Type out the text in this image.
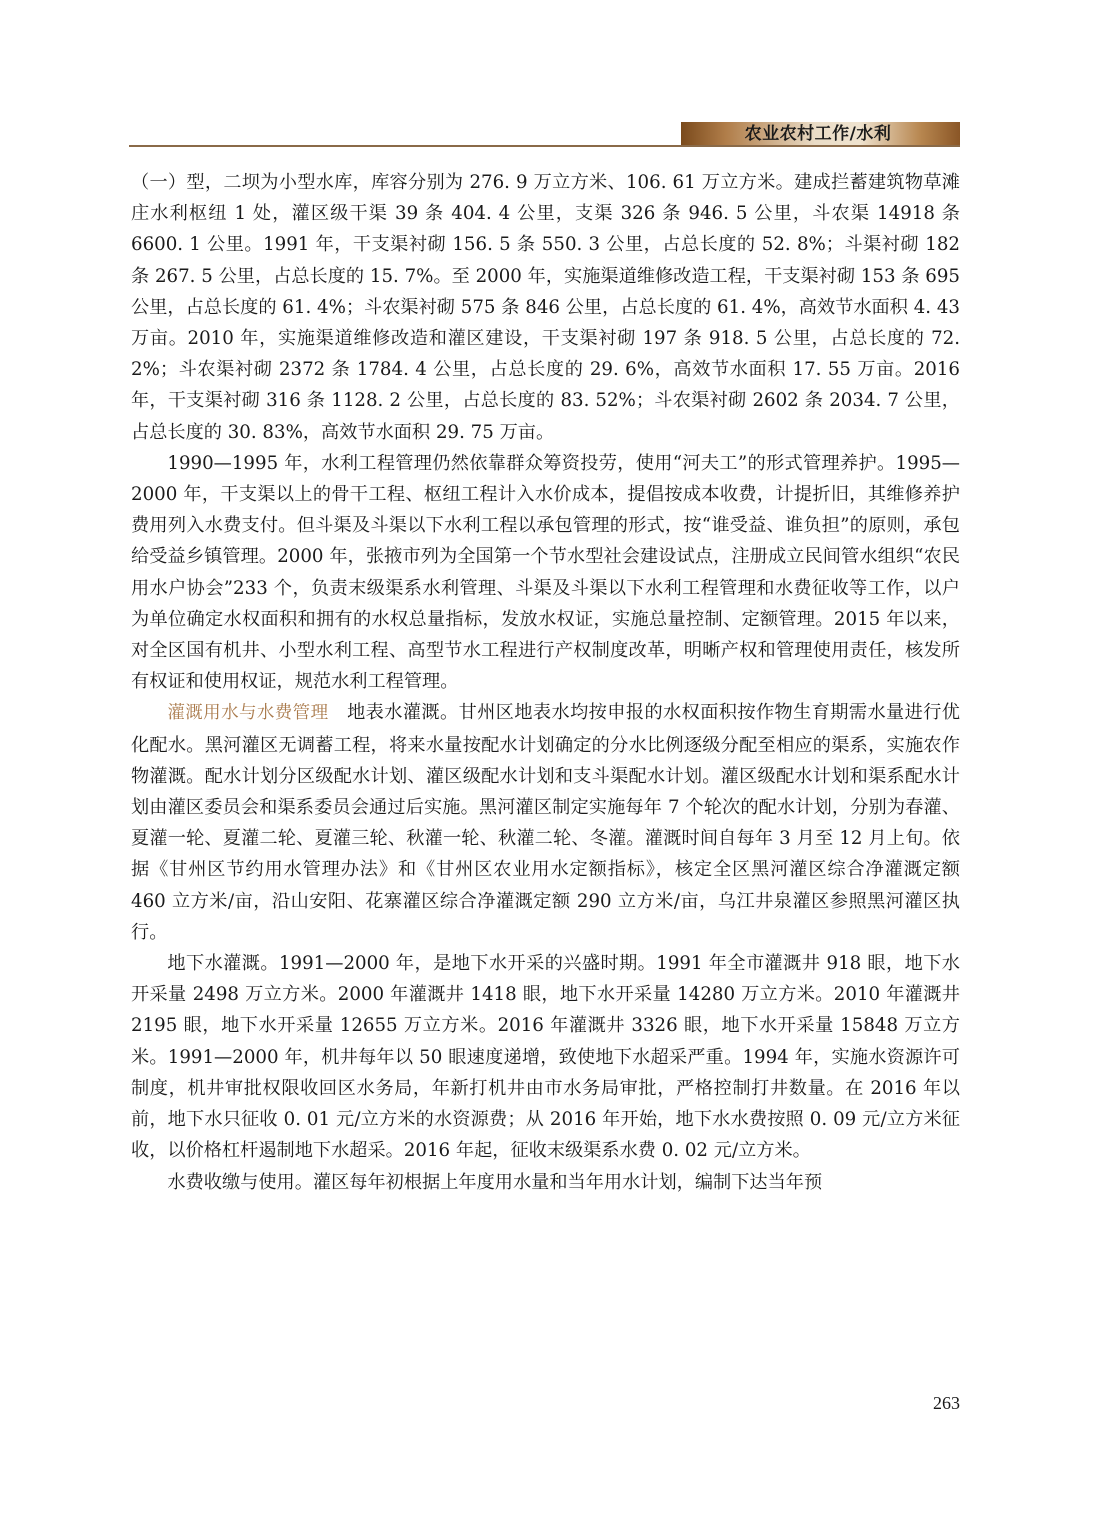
农业农村工作/水利

（一）型，二坝为小型水库，库容分别为 276. 9 万立方米、106. 61 万立方米。建成拦蓄建筑物草滩庄水利枢纽 1 处，灌区级干渠 39 条 404. 4 公里，支渠 326 条 946. 5 公里，斗农渠 14918 条 6600. 1 公里。1991 年，干支渠衬砌 156. 5 条 550. 3 公里，占总长度的 52. 8%；斗渠衬砌 182 条 267. 5 公里，占总长度的 15. 7%。至 2000 年，实施渠道维修改造工程，干支渠衬砌 153 条 695 公里，占总长度的 61. 4%；斗农渠衬砌 575 条 846 公里，占总长度的 61. 4%，高效节水面积 4. 43 万亩。2010 年，实施渠道维修改造和灌区建设，干支渠衬砌 197 条 918. 5 公里，占总长度的 72. 2%；斗农渠衬砌 2372 条 1784. 4 公里，占总长度的 29. 6%，高效节水面积 17. 55 万亩。2016 年，干支渠衬砌 316 条 1128. 2 公里，占总长度的 83. 52%；斗农渠衬砌 2602 条 2034. 7 公里，占总长度的 30. 83%，高效节水面积 29. 75 万亩。

1990—1995 年，水利工程管理仍然依靠群众筹资投劳，使用“河夫工”的形式管理养护。1995—2000 年，干支渠以上的骨干工程、枢纽工程计入水价成本，提倡按成本收费，计提折旧，其维修养护费用列入水费支付。但斗渠及斗渠以下水利工程以承包管理的形式，按“谁受益、谁负担”的原则，承包给受益乡镇管理。2000 年，张掖市列为全国第一个节水型社会建设试点，注册成立民间管水组织“农民用水户协会”233 个，负责末级渠系水利管理、斗渠及斗渠以下水利工程管理和水费征收等工作，以户为单位确定水权面积和拥有的水权总量指标，发放水权证，实施总量控制、定额管理。2015 年以来，对全区国有机井、小型水利工程、高型节水工程进行产权制度改革，明晰产权和管理使用责任，核发所有权证和使用权证，规范水利工程管理。

灌溉用水与水费管理　 地表水灌溉。甘州区地表水均按申报的水权面积按作物生育期需水量进行优化配水。黑河灌区无调蓄工程，将来水量按配水计划确定的分水比例逐级分配至相应的渠系，实施农作物灌溉。配水计划分区级配水计划、灌区级配水计划和支斗渠配水计划。灌区级配水计划和渠系配水计划由灌区委员会和渠系委员会通过后实施。黑河灌区制定实施每年 7 个轮次的配水计划，分别为春灌、夏灌一轮、夏灌二轮、夏灌三轮、秋灌一轮、秋灌二轮、冬灌。灌溉时间自每年 3 月至 12 月上旬。依据《甘州区节约用水管理办法》和《甘州区农业用水定额指标》，核定全区黑河灌区综合净灌溉定额 460 立方米/亩，沿山安阳、花寨灌区综合净灌溉定额 290 立方米/亩，乌江井泉灌区参照黑河灌区执行。

地下水灌溉。1991—2000 年，是地下水开采的兴盛时期。1991 年全市灌溉井 918 眼，地下水开采量 2498 万立方米。2000 年灌溉井 1418 眼，地下水开采量 14280 万立方米。2010 年灌溉井 2195 眼，地下水开采量 12655 万立方米。2016 年灌溉井 3326 眼，地下水开采量 15848 万立方米。1991—2000 年，机井每年以 50 眼速度递增，致使地下水超采严重。1994 年，实施水资源许可制度，机井审批权限收回区水务局，年新打机井由市水务局审批，严格控制打井数量。在 2016 年以前，地下水只征收 0. 01 元/立方米的水资源费；从 2016 年开始，地下水水费按照 0. 09 元/立方米征收，以价格杠杆遏制地下水超采。2016 年起，征收末级渠系水费 0. 02 元/立方米。

水费收缴与使用。灌区每年初根据上年度用水量和当年用水计划，编制下达当年预

263
